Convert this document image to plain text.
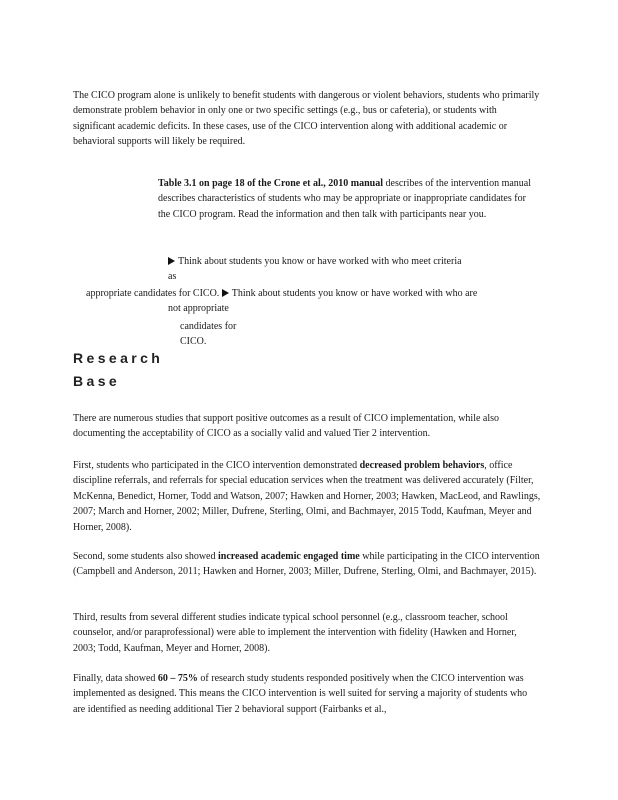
The CICO program alone is unlikely to benefit students with dangerous or violent behaviors, students who primarily demonstrate problem behavior in only one or two specific settings (e.g., bus or cafeteria), or students with significant academic deficits. In these cases, use of the CICO intervention along with additional academic or behavioral supports will likely be required.

Table 3.1 on page 18 of the Crone et al., 2010 manual describes of the intervention manual describes characteristics of students who may be appropriate or inappropriate candidates for the CICO program. Read the information and then talk with participants near you.

Think about students you know or have worked with who meet criteria
as
appropriate candidates for CICO. Think about students you know or have worked with who are
not appropriate
candidates for
CICO.
Research
Base

There are numerous studies that support positive outcomes as a result of CICO implementation, while also documenting the acceptability of CICO as a socially valid and valued Tier 2 intervention.

First, students who participated in the CICO intervention demonstrated decreased problem behaviors, office discipline referrals, and referrals for special education services when the treatment was delivered accurately (Filter, McKenna, Benedict, Horner, Todd and Watson, 2007; Hawken and Horner, 2003; Hawken, MacLeod, and Rawlings, 2007; March and Horner, 2002; Miller, Dufrene, Sterling, Olmi, and Bachmayer, 2015 Todd, Kaufman, Meyer and Horner, 2008).

Second, some students also showed increased academic engaged time while participating in the CICO intervention (Campbell and Anderson, 2011; Hawken and Horner, 2003; Miller, Dufrene, Sterling, Olmi, and Bachmayer, 2015).

Third, results from several different studies indicate typical school personnel (e.g., classroom teacher, school counselor, and/or paraprofessional) were able to implement the intervention with fidelity (Hawken and Horner, 2003; Todd, Kaufman, Meyer and Horner, 2008).

Finally, data showed 60 – 75% of research study students responded positively when the CICO intervention was implemented as designed. This means the CICO intervention is well suited for serving a majority of students who are identified as needing additional Tier 2 behavioral support (Fairbanks et al.,
